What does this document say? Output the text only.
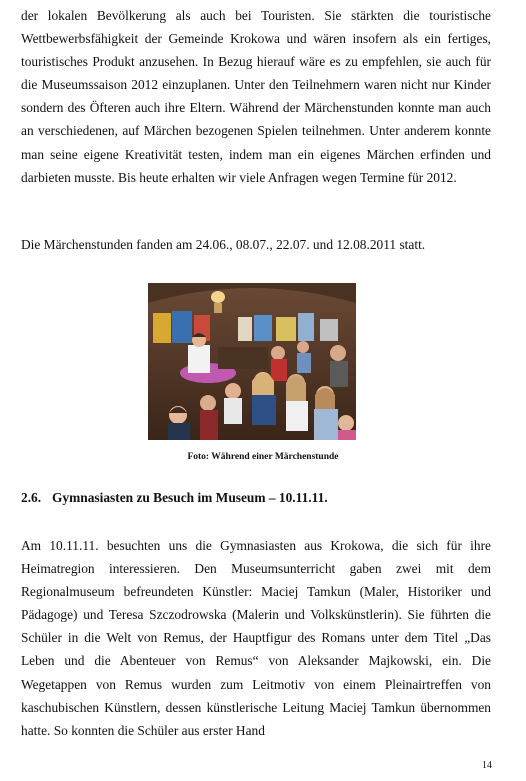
der lokalen Bevölkerung als auch bei Touristen. Sie stärkten die touristische Wettbewerbsfähigkeit der Gemeinde Krokowa und wären insofern als ein fertiges, touristisches Produkt anzusehen. In Bezug hierauf wäre es zu empfehlen, sie auch für die Museumssaison 2012 einzuplanen. Unter den Teilnehmern waren nicht nur Kinder sondern des Öfteren auch ihre Eltern. Während der Märchenstunden konnte man auch an verschiedenen, auf Märchen bezogenen Spielen teilnehmen. Unter anderem konnte man seine eigene Kreativität testen, indem man ein eigenes Märchen erfinden und darbieten musste. Bis heute erhalten wir viele Anfragen wegen Termine für 2012.

Die Märchenstunden fanden am 24.06., 08.07., 22.07. und 12.08.2011 statt.

Foto: Während einer Märchenstunde
2.6. Gymnasiasten zu Besuch im Museum – 10.11.11.

Am 10.11.11. besuchten uns die Gymnasiasten aus Krokowa, die sich für ihre Heimatregion interessieren. Den Museumsunterricht gaben zwei mit dem Regionalmuseum befreundeten Künstler: Maciej Tamkun (Maler, Historiker und Pädagoge) und Teresa Szczodrowska (Malerin und Volkskünstlerin). Sie führten die Schüler in die Welt von Remus, der Hauptfigur des Romans unter dem Titel „Das Leben und die Abenteuer von Remus“ von Aleksander Majkowski, ein. Die Wegetappen von Remus wurden zum Leitmotiv von einem Pleinairtreffen von kaschubischen Künstlern, dessen künstlerische Leitung Maciej Tamkun übernommen hatte. So konnten die Schüler aus erster Hand

14
